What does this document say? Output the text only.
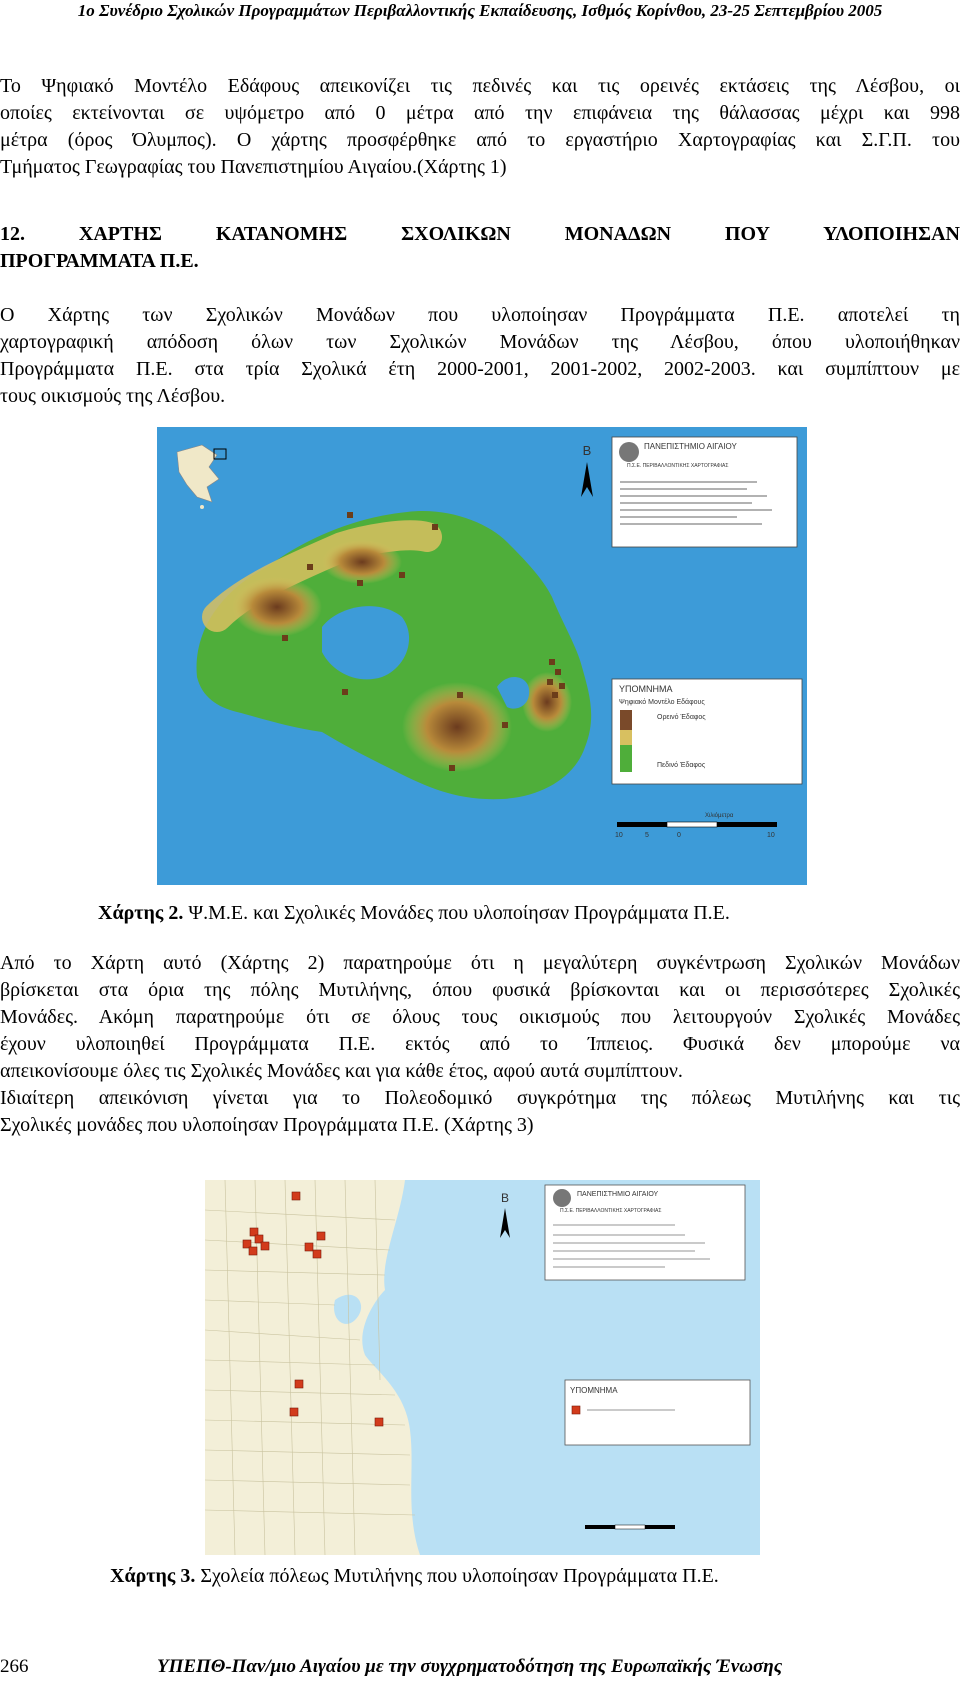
1ο Συνέδριο Σχολικών Προγραμμάτων Περιβαλλοντικής Εκπαίδευσης, Ισθμός Κορίνθου, 23-25 Σεπτεμβρίου 2005

Το Ψηφιακό Μοντέλο Εδάφους απεικονίζει τις πεδινές και τις ορεινές εκτάσεις της Λέσβου, οι
οποίες εκτείνονται σε υψόμετρο από 0 μέτρα από την επιφάνεια της θάλασσας μέχρι και 998
μέτρα (όρος Όλυμπος). Ο χάρτης προσφέρθηκε από το εργαστήριο Χαρτογραφίας και Σ.Γ.Π. του
Τμήματος Γεωγραφίας του Πανεπιστημίου Αιγαίου.(Χάρτης 1)

12. ΧΑΡΤΗΣ ΚΑΤΑΝΟΜΗΣ ΣΧΟΛΙΚΩΝ ΜΟΝΑΔΩΝ ΠΟΥ ΥΛΟΠΟΙΗΣΑΝ
ΠΡΟΓΡΑΜΜΑΤΑ Π.Ε.

Ο Χάρτης των Σχολικών Μονάδων που υλοποίησαν Προγράμματα Π.Ε. αποτελεί τη
χαρτογραφική απόδοση όλων των Σχολικών Μονάδων της Λέσβου, όπου υλοποιήθηκαν
Προγράμματα Π.Ε. στα τρία Σχολικά έτη 2000-2001, 2001-2002, 2002-2003. και συμπίπτουν με
τους οικισμούς της Λέσβου.

Β	ΠΑΝΕΠΙΣΤΗΜΙΟ ΑΙΓΑΙΟΥ
Π.Σ.Ε. ΠΕΡΙΒΑΛΛΟΝΤΙΚΗΣ ΧΑΡΤΟΓΡΑΦΙΑΣ
ΥΠΟΜΝΗΜΑ
Ψηφιακό Μοντέλο Εδάφους
Ορεινό Έδαφος
Πεδινό Έδαφος
Χιλιόμετρα
10	5	0	10
Χάρτης 2. Ψ.Μ.Ε. και Σχολικές Μονάδες που υλοποίησαν Προγράμματα Π.Ε.

Από το Χάρτη αυτό (Χάρτης 2) παρατηρούμε ότι η μεγαλύτερη συγκέντρωση Σχολικών Μονάδων
βρίσκεται στα όρια της πόλης Μυτιλήνης, όπου φυσικά βρίσκονται και οι περισσότερες Σχολικές
Μονάδες. Ακόμη παρατηρούμε ότι σε όλους τους οικισμούς που λειτουργούν Σχολικές Μονάδες
έχουν υλοποιηθεί Προγράμματα Π.Ε. εκτός από το Ίππειος. Φυσικά δεν μπορούμε να
απεικονίσουμε όλες τις Σχολικές Μονάδες και για κάθε έτος, αφού αυτά συμπίπτουν.
Ιδιαίτερη απεικόνιση γίνεται για το Πολεοδομικό συγκρότημα της πόλεως Μυτιλήνης και τις
Σχολικές μονάδες που υλοποίησαν Προγράμματα Π.Ε. (Χάρτης 3)

Β	ΠΑΝΕΠΙΣΤΗΜΙΟ ΑΙΓΑΙΟΥ
Π.Σ.Ε. ΠΕΡΙΒΑΛΛΟΝΤΙΚΗΣ ΧΑΡΤΟΓΡΑΦΙΑΣ
ΥΠΟΜΝΗΜΑ
Χάρτης 3. Σχολεία πόλεως Μυτιλήνης που υλοποίησαν Προγράμματα Π.Ε.
266	ΥΠΕΠΘ-Παν/μιο Αιγαίου με την συγχρηματοδότηση της Ευρωπαϊκής Ένωσης
